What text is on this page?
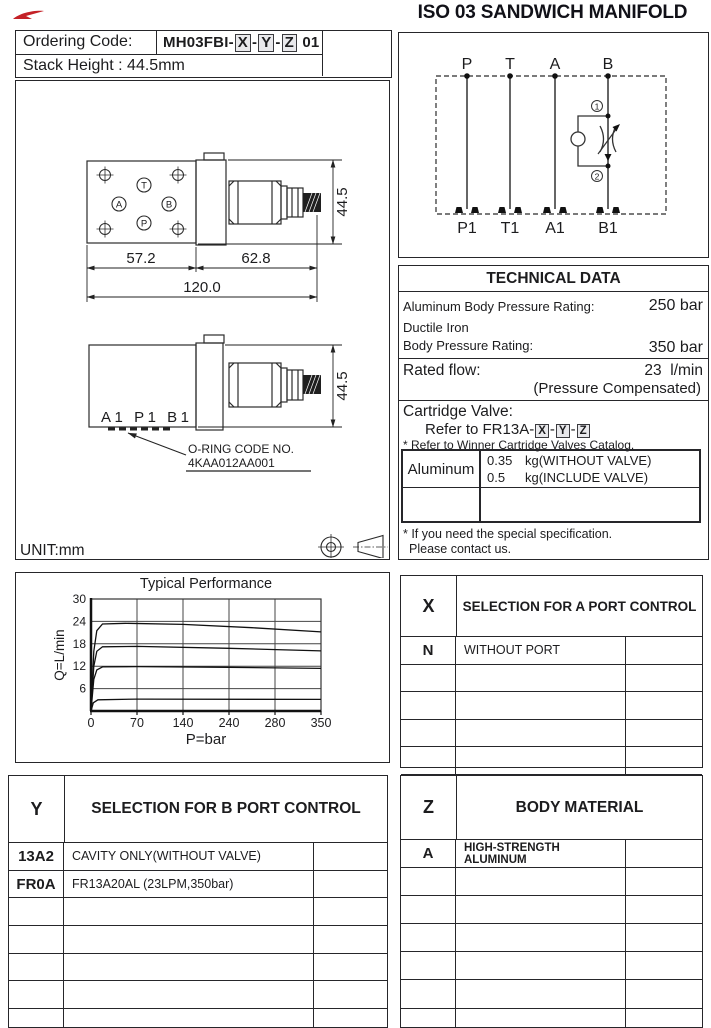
Ordering Code: MH03FBI- X - Y - Z 01
Stack Height : 44.5mm
ISO 03 SANDWICH MANIFOLD
P T A	B
1
2
P1 T1 A1 B1
T
A	B
P
57.2	62.8
120.0
44.5
A1 P1 B1
O-RING CODE NO.
4KAA012AA001
44.5
UNIT:mm
TECHNICAL DATA
Aluminum Body Pressure Rating:	250 bar
Ductile Iron
Body Pressure Rating:	350 bar
Rated flow:	23 l/min
(Pressure Compensated)
Cartridge Valve:
Refer to FR13A- X - Y - Z
* Refer to Winner Cartridge Valves Catalog.
Aluminum 0.35 kg(WITHOUT VALVE)
0.5	kg(INCLUDE VALVE)
* If you need the special specification.
Please contact us.
0	70 140 240 280 350
6
12
18
24
30
Typical Performance
P=bar
Q=L/min
X	SELECTION FOR A PORT CONTROL
N	WITHOUT PORT
Y	SELECTION FOR B PORT CONTROL
13A2	CAVITY ONLY(WITHOUT VALVE)
FR0A	FR13A20AL (23LPM,350bar)
Z	BODY MATERIAL
A	HIGH-STRENGTH ALUMINUM
